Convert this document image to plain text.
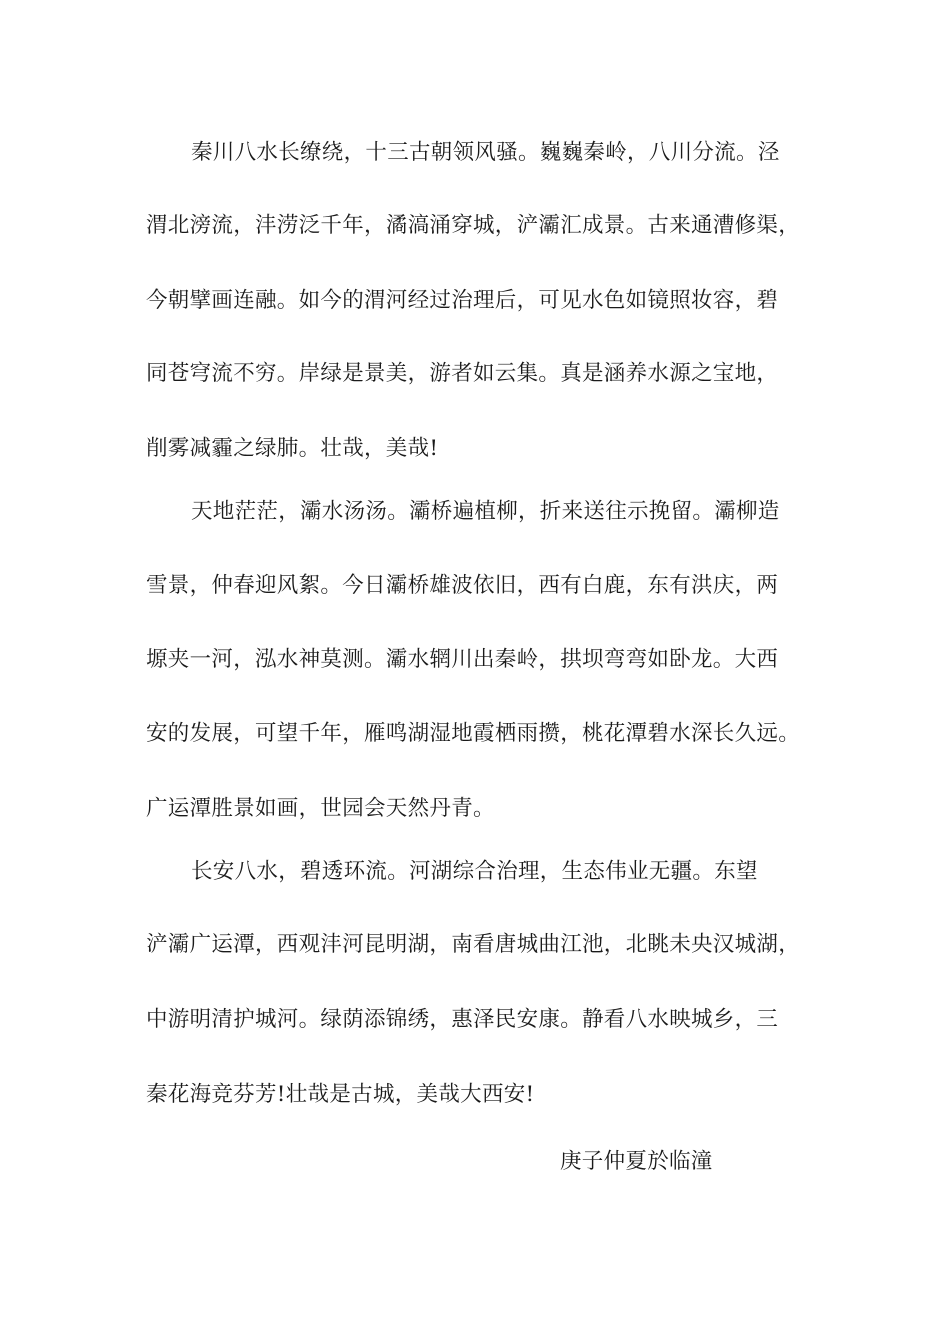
秦川八水长缭绕，十三古朝领风骚。巍巍秦岭，八川分流。泾
渭北滂流，沣涝泛千年，潏滈涌穿城，浐灞汇成景。古来通漕修渠，
今朝擘画连融。如今的渭河经过治理后，可见水色如镜照妆容，碧
同苍穹流不穷。岸绿是景美，游者如云集。真是涵养水源之宝地，
削雾减霾之绿肺。壮哉，美哉!
天地茫茫，灞水汤汤。灞桥遍植柳，折来送往示挽留。灞柳造
雪景，仲春迎风絮。今日灞桥雄波依旧，西有白鹿，东有洪庆，两
塬夹一河，泓水神莫测。灞水辋川出秦岭，拱坝弯弯如卧龙。大西
安的发展，可望千年，雁鸣湖湿地霞栖雨攒，桃花潭碧水深长久远。
广运潭胜景如画，世园会天然丹青。
长安八水，碧透环流。河湖综合治理，生态伟业无疆。东望
浐灞广运潭，西观沣河昆明湖，南看唐城曲江池，北眺未央汉城湖，
中游明清护城河。绿荫添锦绣，惠泽民安康。静看八水映城乡，三
秦花海竞芬芳!壮哉是古城，美哉大西安!
庚子仲夏於临潼
